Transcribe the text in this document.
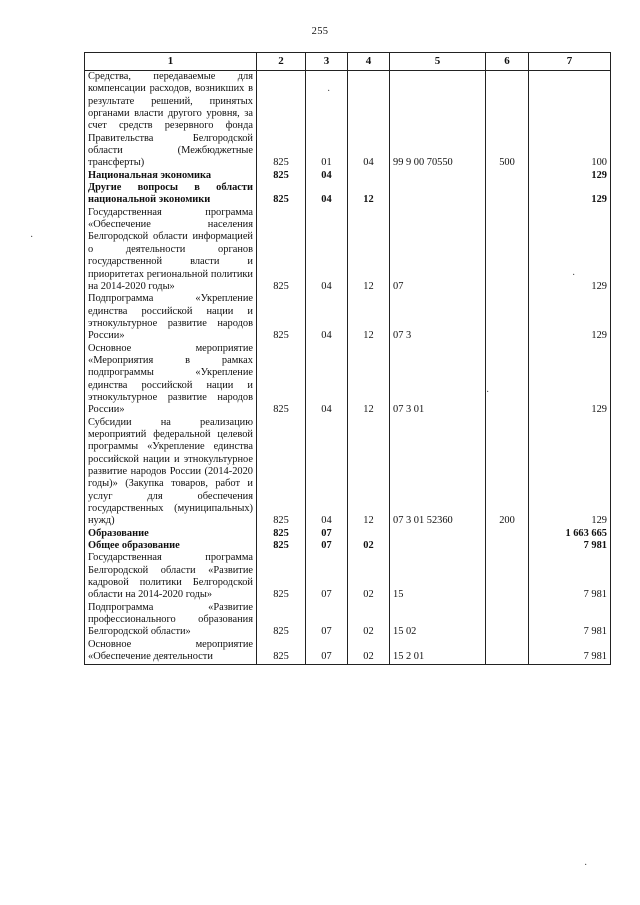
255
1	2	3	4	5	6	7
Средства, передаваемые для компенсации расходов, возникших в результате решений, принятых органами власти другого уровня, за счет средств резервного фонда Правительства Белгородской области (Межбюджетные трансферты)	825	01	04	99 9 00 70550	500	100
Национальная экономика	825	04				129
Другие вопросы в области национальной экономики	825	04	12			129
Государственная программа «Обеспечение населения Белгородской области информацией о деятельности органов государственной власти и приоритетах региональной политики на 2014-2020 годы»	825	04	12	07		129
Подпрограмма «Укрепление единства российской нации и этнокультурное развитие народов России»	825	04	12	07 3		129
Основное мероприятие «Мероприятия в рамках подпрограммы «Укрепление единства российской нации и этнокультурное развитие народов России»	825	04	12	07 3 01		129
Субсидии на реализацию мероприятий федеральной целевой программы «Укрепление единства российской нации и этнокультурное развитие народов России (2014-2020 годы)» (Закупка товаров, работ и услуг для обеспечения государственных (муниципальных) нужд)	825	04	12	07 3 01 52360	200	129
Образование	825	07				1 663 665
Общее образование	825	07	02			7 981
Государственная программа Белгородской области «Развитие кадровой политики Белгородской области на 2014-2020 годы»	825	07	02	15		7 981
Подпрограмма «Развитие профессионального образования Белгородской области»	825	07	02	15 02		7 981
Основное мероприятие «Обеспечение деятельности	825	07	02	15 2 01		7 981
·
·
·
·
·
